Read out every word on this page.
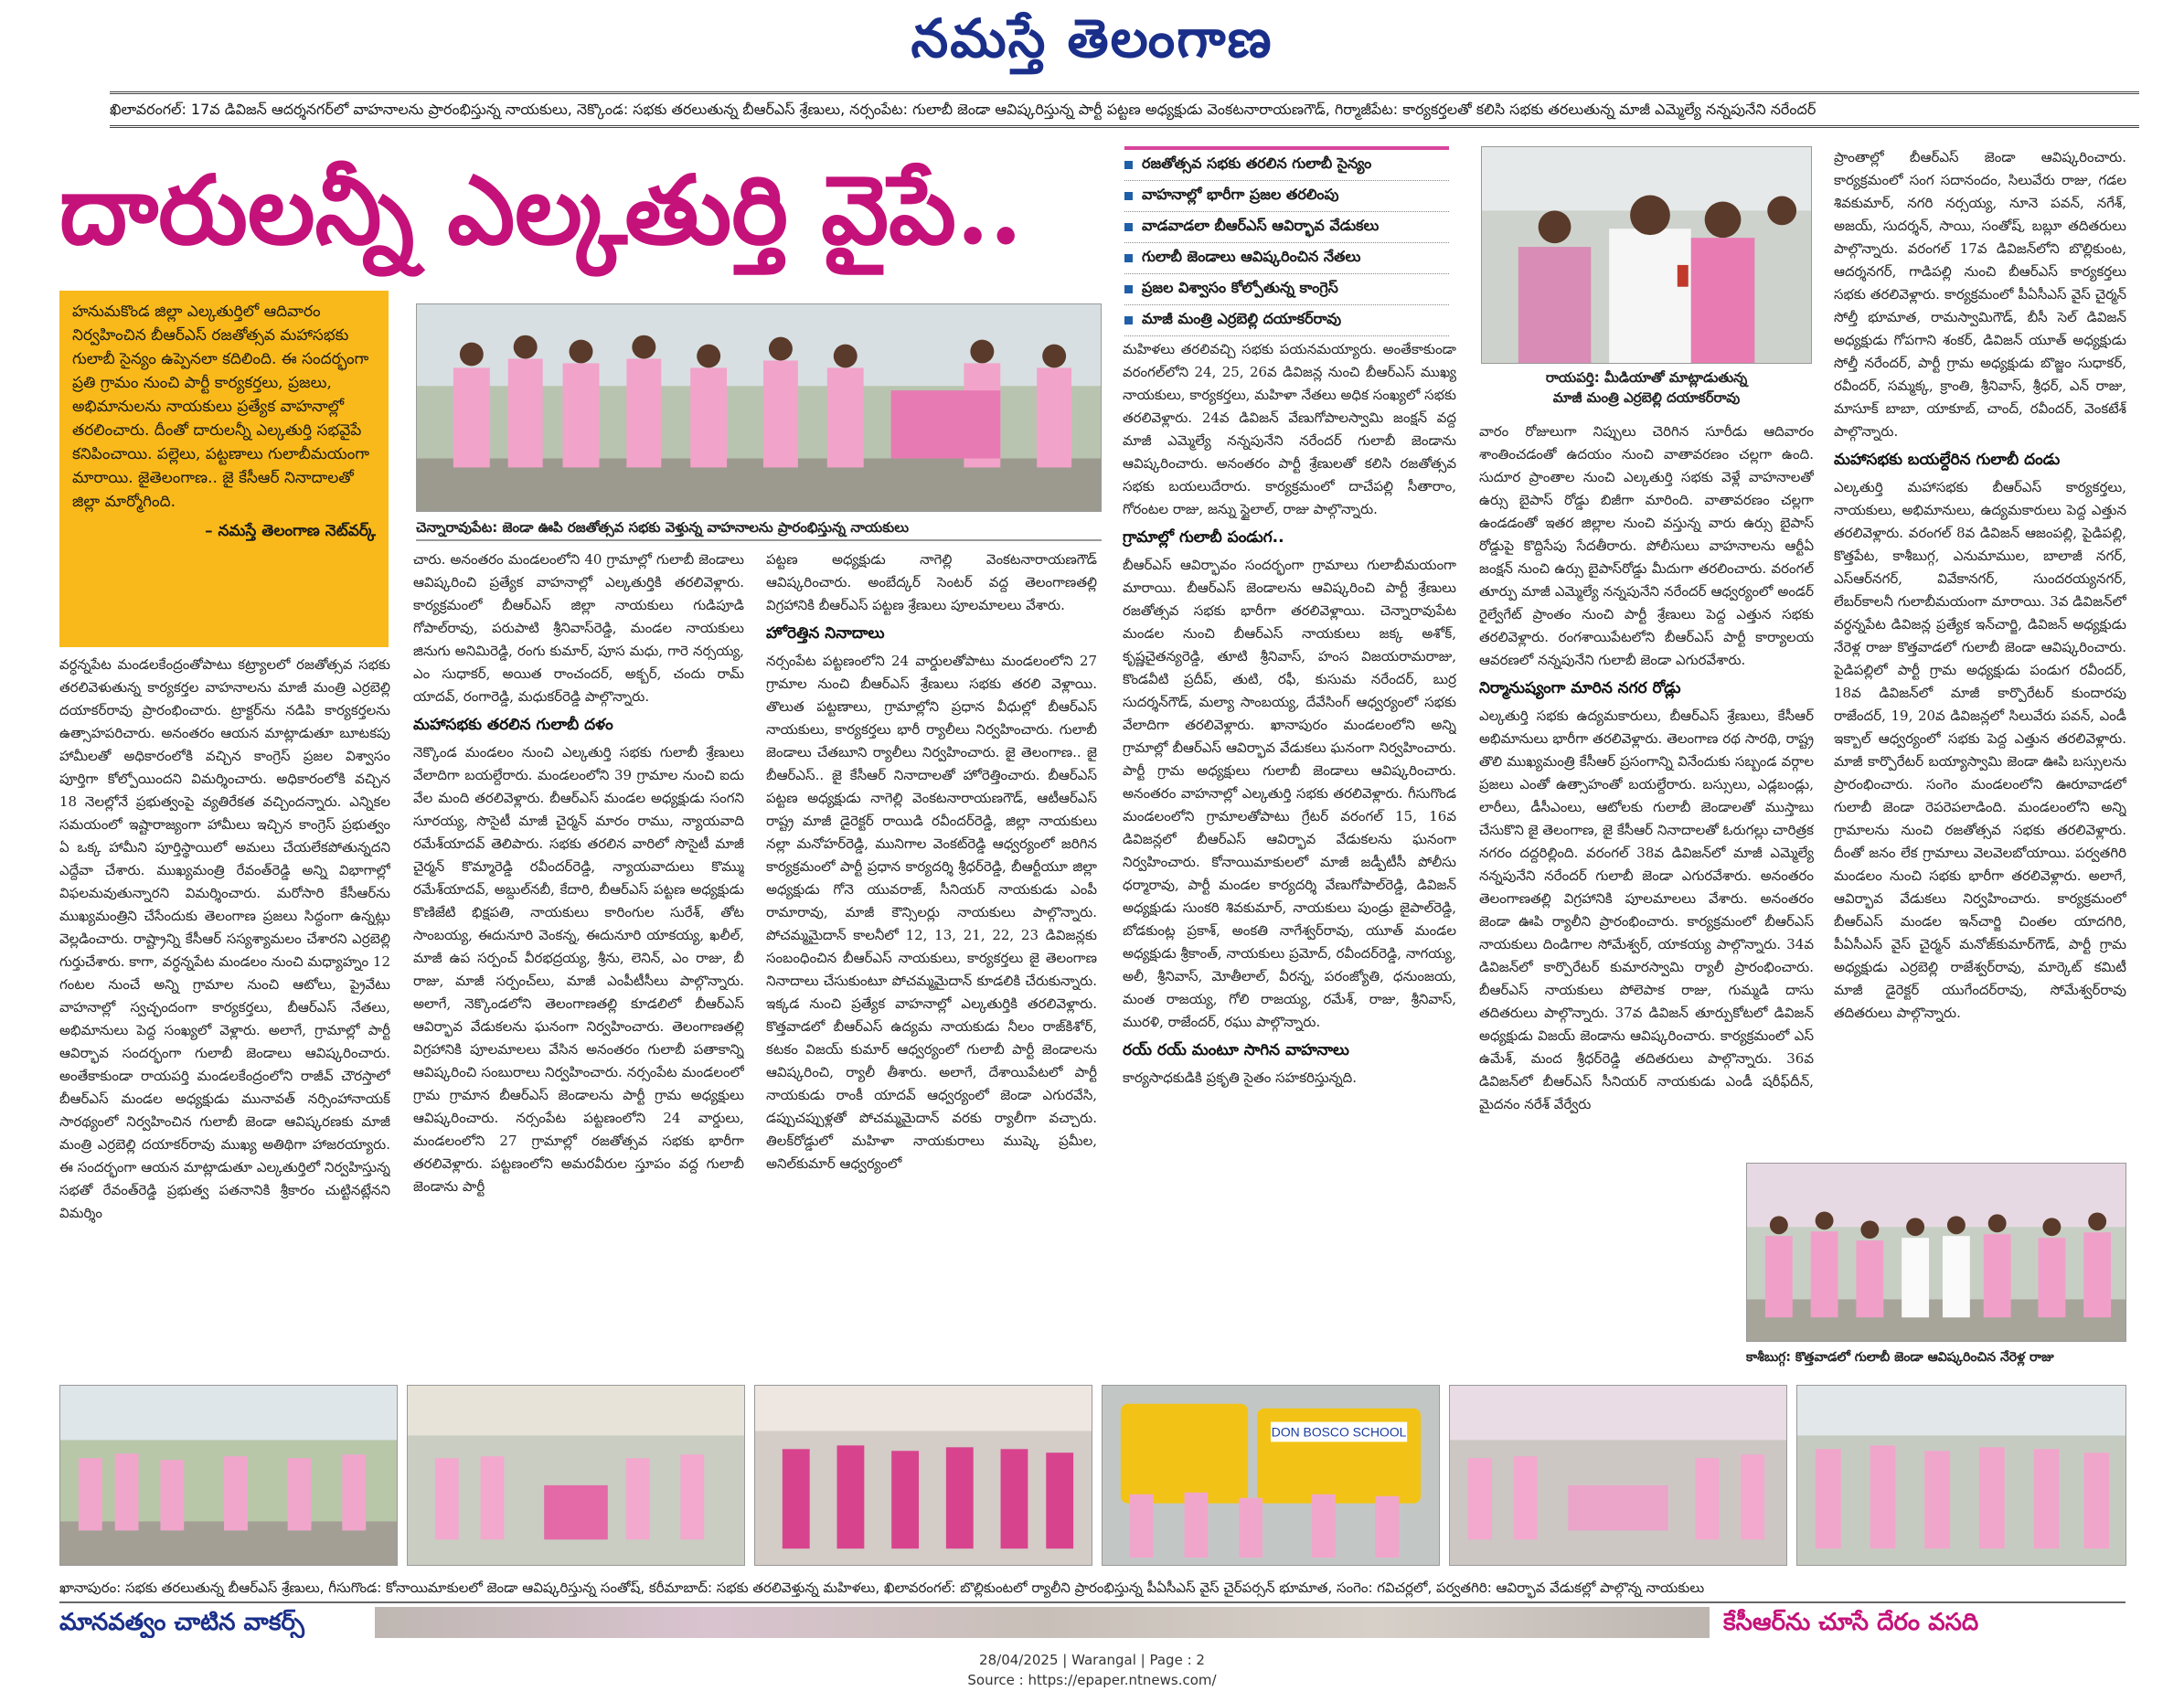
నమస్తే తెలంగాణ
ఖిలావరంగల్‌: 17వ డివిజన్‌ ఆదర్శనగర్‌లో వాహనాలను ప్రారంభిస్తున్న నాయకులు, నెక్కొండ: సభకు తరలుతున్న బీఆర్‌ఎస్‌ శ్రేణులు, నర్సంపేట: గులాబీ జెండా ఆవిష్కరిస్తున్న పార్టీ పట్టణ అధ్యక్షుడు వెంకటనారాయణగౌడ్‌, గిర్మాజీపేట: కార్యకర్తలతో కలిసి సభకు తరలుతున్న మాజీ ఎమ్మెల్యే నన్నపునేని నరేందర్‌
దారులన్నీ ఎల్కతుర్తి వైపే..	రజతోత్సవ సభకు తరలిన గులాబీ సైన్యం
వాహనాల్లో భారీగా ప్రజల తరలింపు
వాడవాడలా బీఆర్‌ఎస్‌ ఆవిర్భావ వేడుకలు
గులాబీ జెండాలు ఆవిష్కరించిన నేతలు
ప్రజల విశ్వాసం కోల్పోతున్న కాంగ్రెస్‌
మాజీ మంత్రి ఎర్రబెల్లి దయాకర్‌రావు
హనుమకొండ జిల్లా ఎల్కతుర్తిలో ఆదివారం నిర్వహించిన బీఆర్‌ఎస్‌ రజతోత్సవ మహాసభకు గులాబీ సైన్యం ఉప్పెనలా కదిలింది. ఈ సందర్భంగా ప్రతి గ్రామం నుంచి పార్టీ కార్యకర్తలు, ప్రజలు, అభిమానులను నాయకులు ప్రత్యేక వాహనాల్లో తరలించారు. దీంతో దారులన్నీ ఎల్కతుర్తి సభవైపే కనిపించాయి. పల్లెలు, పట్టణాలు గులాబీమయంగా మారాయి. జైతెలంగాణ.. జై కేసీఆర్‌ నినాదాలతో జిల్లా మార్మోగింది.
– నమస్తే తెలంగాణ నెట్‌వర్క్‌	చెన్నారావుపేట: జెండా ఊపి రజతోత్సవ సభకు వెళ్తున్న వాహనాలను ప్రారంభిస్తున్న నాయకులు
రాయపర్తి: మీడియాతో మాట్లాడుతున్న
మాజీ మంత్రి ఎర్రబెల్లి దయాకర్‌రావు
కాశీబుగ్గ: కొత్తవాడలో గులాబీ జెండా ఆవిష్కరించిన నేరెళ్ల రాజు
వర్ధన్నపేట మండలకేంద్రంతోపాటు కట్ర్యాలలో రజతోత్సవ సభకు తరలివెళుతున్న కార్యకర్తల వాహనాలను మాజీ మంత్రి ఎర్రబెల్లి దయాకర్‌రావు ప్రారంభించారు. ట్రాక్టర్‌ను నడిపి కార్యకర్తలను ఉత్సాహపరిచారు. అనంతరం ఆయన మాట్లాడుతూ బూటకపు హామీలతో అధికారంలోకి వచ్చిన కాంగ్రెస్‌ ప్రజల విశ్వాసం పూర్తిగా కోల్పోయిందని విమర్శించారు. అధికారంలోకి వచ్చిన 18 నెలల్లోనే ప్రభుత్వంపై వ్యతిరేకత వచ్చిందన్నారు. ఎన్నికల సమయంలో ఇష్టారాజ్యంగా హామీలు ఇచ్చిన కాంగ్రెస్‌ ప్రభుత్వం ఏ ఒక్క హామీని పూర్తిస్థాయిలో అమలు చేయలేకపోతున్నదని ఎద్దేవా చేశారు. ముఖ్యమంత్రి రేవంత్‌రెడ్డి అన్ని విభాగాల్లో విఫలమవుతున్నారని విమర్శించారు. మరోసారి కేసీఆర్‌ను ముఖ్యమంత్రిని చేసేందుకు తెలంగాణ ప్రజలు సిద్ధంగా ఉన్నట్లు వెల్లడించారు. రాష్ట్రాన్ని కేసీఆర్‌ సస్యశ్యామలం చేశారని ఎర్రబెల్లి గుర్తుచేశారు. కాగా, వర్ధన్నపేట మండలం నుంచి మధ్యాహ్నం 12 గంటల నుంచే అన్ని గ్రామాల నుంచి ఆటోలు, ప్రైవేటు వాహనాల్లో స్వచ్ఛందంగా కార్యకర్తలు, బీఆర్‌ఎస్‌ నేతలు, అభిమానులు పెద్ద సంఖ్యలో వెళ్లారు. అలాగే, గ్రామాల్లో పార్టీ ఆవిర్భావ సందర్భంగా గులాబీ జెండాలు ఆవిష్కరించారు. అంతేకాకుండా రాయపర్తి మండలకేంద్రంలోని రాజీవ్‌ చౌరస్తాలో బీఆర్‌ఎస్‌ మండల అధ్యక్షుడు మునావత్‌ నర్సింహానాయక్‌ సారథ్యంలో నిర్వహించిన గులాబీ జెండా ఆవిష్కరణకు మాజీ మంత్రి ఎర్రబెల్లి దయాకర్‌రావు ముఖ్య అతిథిగా హాజరయ్యారు. ఈ సందర్భంగా ఆయన మాట్లాడుతూ ఎల్కతుర్తిలో నిర్వహిస్తున్న సభతో రేవంత్‌రెడ్డి ప్రభుత్వ పతనానికి శ్రీకారం చుట్టినట్లేనని విమర్శిం
చారు. అనంతరం మండలంలోని 40 గ్రామాల్లో గులాబీ జెండాలు ఆవిష్కరించి ప్రత్యేక వాహనాల్లో ఎల్కతుర్తికి తరలివెళ్లారు. కార్యక్రమంలో బీఆర్‌ఎస్‌ జిల్లా నాయకులు గుడిపూడి గోపాల్‌రావు, పరుపాటి శ్రీనివాస్‌రెడ్డి, మండల నాయకులు జినుగు అనిమిరెడ్డి, రంగు కుమార్‌, పూస మధు, గారె నర్సయ్య, ఎం సుధాకర్‌, అయిత రాంచందర్‌, అక్బర్‌, చందు రామ్‌ యాదవ్‌, రంగారెడ్డి, మధుకర్‌రెడ్డి పాల్గొన్నారు.
మహాసభకు తరలిన గులాబీ దళం
నెక్కొండ మండలం నుంచి ఎల్కతుర్తి సభకు గులాబీ శ్రేణులు వేలాదిగా బయల్దేరారు. మండలంలోని 39 గ్రామాల నుంచి ఐదు వేల మంది తరలివెళ్లారు. బీఆర్‌ఎస్‌ మండల అధ్యక్షుడు సంగని సూరయ్య, సొసైటీ మాజీ చైర్మన్‌ మారం రాము, న్యాయవాది రమేశ్‌యాదవ్‌ తెలిపారు. సభకు తరలిన వారిలో సొసైటీ మాజీ చైర్మన్‌ కొమ్మారెడ్డి రవీందర్‌రెడ్డి, న్యాయవాదులు కొమ్ము రమేశ్‌యాదవ్‌, అబ్దుల్‌నబీ, కేదారి, బీఆర్‌ఎస్‌ పట్టణ అధ్యక్షుడు కొణిజేటి భిక్షపతి, నాయకులు కారింగుల సురేశ్‌, తోట సాంబయ్య, ఈదునూరి వెంకన్న, ఈదునూరి యాకయ్య, ఖలీల్‌, మాజీ ఉప సర్పంచ్‌ వీరభద్రయ్య, శ్రీను, లెనిన్‌, ఎం రాజు, బీ రాజు, మాజీ సర్పంచ్‌లు, మాజీ ఎంపీటీసీలు పాల్గొన్నారు. అలాగే, నెక్కొండలోని తెలంగాణతల్లి కూడలిలో బీఆర్‌ఎస్‌ ఆవిర్భావ వేడుకలను ఘనంగా నిర్వహించారు. తెలంగాణతల్లి విగ్రహానికి పూలమాలలు వేసిన అనంతరం గులాబీ పతాకాన్ని ఆవిష్కరించి సంబురాలు నిర్వహించారు. నర్సంపేట మండలంలో గ్రామ గ్రామాన బీఆర్‌ఎస్‌ జెండాలను పార్టీ గ్రామ అధ్యక్షులు ఆవిష్కరించారు. నర్సంపేట పట్టణంలోని 24 వార్డులు, మండలంలోని 27 గ్రామాల్లో రజతోత్సవ సభకు భారీగా తరలివెళ్లారు. పట్టణంలోని అమరవీరుల స్తూపం వద్ద గులాబీ జెండాను పార్టీ
పట్టణ అధ్యక్షుడు నాగెల్లి వెంకటనారాయణగౌడ్‌ ఆవిష్కరించారు. అంబేద్కర్‌ సెంటర్‌ వద్ద తెలంగాణతల్లి విగ్రహానికి బీఆర్‌ఎస్‌ పట్టణ శ్రేణులు పూలమాలలు వేశారు.
హోరెత్తిన నినాదాలు
నర్సంపేట పట్టణంలోని 24 వార్డులతోపాటు మండలంలోని 27 గ్రామాల నుంచి బీఆర్‌ఎస్‌ శ్రేణులు సభకు తరలి వెళ్లాయి. తొలుత పట్టణాలు, గ్రామాల్లోని ప్రధాన వీధుల్లో బీఆర్‌ఎస్‌ నాయకులు, కార్యకర్తలు భారీ ర్యాలీలు నిర్వహించారు. గులాబీ జెండాలు చేతబూని ర్యాలీలు నిర్వహించారు. జై తెలంగాణ.. జై బీఆర్‌ఎస్‌.. జై కేసీఆర్‌ నినాదాలతో హోరెత్తించారు. బీఆర్‌ఎస్‌ పట్టణ అధ్యక్షుడు నాగెల్లి వెంకటనారాయణగౌడ్‌, ఆటీఆర్‌ఎస్‌ రాష్ట్ర మాజీ డైరెక్టర్‌ రాయిడి రవీందర్‌రెడ్డి, జిల్లా నాయకులు నల్లా మనోహర్‌రెడ్డి, మునిగాల వెంకట్‌రెడ్డి ఆధ్వర్యంలో జరిగిన కార్యక్రమంలో పార్టీ ప్రధాన కార్యదర్శి శ్రీధర్‌రెడ్డి, బీఆర్టీయూ జిల్లా అధ్యక్షుడు గోనె యువరాజ్‌, సీనియర్‌ నాయకుడు ఎంపీ రామారావు, మాజీ కౌన్సిలర్లు నాయకులు పాల్గొన్నారు. పోచమ్మమైదాన్‌ కాలనీలో 12, 13, 21, 22, 23 డివిజన్లకు సంబంధించిన బీఆర్‌ఎస్‌ నాయకులు, కార్యకర్తలు జై తెలంగాణ నినాదాలు చేసుకుంటూ పోచమ్మమైదాన్‌ కూడలికి చేరుకున్నారు. ఇక్కడ నుంచి ప్రత్యేక వాహనాల్లో ఎల్కతుర్తికి తరలివెళ్లారు. కొత్తవాడలో బీఆర్‌ఎస్‌ ఉద్యమ నాయకుడు నీలం రాజ్‌కిశోర్‌, కటకం విజయ్‌ కుమార్‌ ఆధ్వర్యంలో గులాబీ పార్టీ జెండాలను ఆవిష్కరించి, ర్యాలీ తీశారు. అలాగే, దేశాయిపేటలో పార్టీ నాయకుడు రాంకీ యాదవ్‌ ఆధ్వర్యంలో జెండా ఎగురవేసి, డప్పుచప్పుళ్లతో పోచమ్మమైదాన్‌ వరకు ర్యాలీగా వచ్చారు. తిలక్‌రోడ్డులో మహిళా నాయకురాలు ముష్కె ప్రమీల, అనిల్‌కుమార్‌ ఆధ్వర్యంలో
మహిళలు తరలివచ్చి సభకు పయనమయ్యారు. అంతేకాకుండా వరంగల్‌లోని 24, 25, 26వ డివిజన్ల నుంచి బీఆర్‌ఎస్‌ ముఖ్య నాయకులు, కార్యకర్తలు, మహిళా నేతలు అధిక సంఖ్యలో సభకు తరలివెళ్లారు. 24వ డివిజన్‌ వేణుగోపాలస్వామి జంక్షన్‌ వద్ద మాజీ ఎమ్మెల్యే నన్నపునేని నరేందర్‌ గులాబీ జెండాను ఆవిష్కరించారు. అనంతరం పార్టీ శ్రేణులతో కలిసి రజతోత్సవ సభకు బయలుదేరారు. కార్యక్రమంలో దాచేపల్లి సీతారాం, గోరంటల రాజు, జన్ను స్టైలాల్‌, రాజు పాల్గొన్నారు.
గ్రామాల్లో గులాబీ పండుగ..
బీఆర్‌ఎస్‌ ఆవిర్భావం సందర్భంగా గ్రామాలు గులాబీమయంగా మారాయి. బీఆర్‌ఎస్‌ జెండాలను ఆవిష్కరించి పార్టీ శ్రేణులు రజతోత్సవ సభకు భారీగా తరలివెళ్లాయి. చెన్నారావుపేట మండల నుంచి బీఆర్‌ఎస్‌ నాయకులు జక్క అశోక్‌, కృష్ణచైతన్యరెడ్డి, తూటి శ్రీనివాస్‌, హంస విజయరామరాజు, కొండవీటి ప్రదీప్‌, తుటి, రఫీ, కుసుమ నరేందర్‌, బుర్ర సుదర్శన్‌గౌడ్‌, మల్యా సాంబయ్య, దేవేసింగ్‌ ఆధ్వర్యంలో సభకు వేలాదిగా తరలివెళ్లారు. ఖానాపురం మండలంలోని అన్ని గ్రామాల్లో బీఆర్‌ఎస్‌ ఆవిర్భావ వేడుకలు ఘనంగా నిర్వహించారు. పార్టీ గ్రామ అధ్యక్షులు గులాబీ జెండాలు ఆవిష్కరించారు. అనంతరం వాహనాల్లో ఎల్కతుర్తి సభకు తరలివెళ్లారు. గీసుగొండ మండలంలోని గ్రామాలతోపాటు గ్రేటర్‌ వరంగల్‌ 15, 16వ డివిజన్లలో బీఆర్‌ఎస్‌ ఆవిర్భావ వేడుకలను ఘనంగా నిర్వహించారు. కోనాయిమాకులలో మాజీ జడ్పీటీసీ పోలీసు ధర్మారావు, పార్టీ మండల కార్యదర్శి వేణుగోపాల్‌రెడ్డి, డివిజన్‌ అధ్యక్షుడు సుంకరి శివకుమార్‌, నాయకులు పుండ్రు జైపాల్‌రెడ్డి, బోడకుంట్ల ప్రకాశ్‌, అంకతి నాగేశ్వర్‌రావు, యూత్‌ మండల అధ్యక్షుడు శ్రీకాంత్‌, నాయకులు ప్రమోద్‌, రవీందర్‌రెడ్డి, నాగయ్య, అలీ, శ్రీనివాస్‌, మోతీలాల్‌, వీరన్న, పరంజ్యోతి, ధనుంజయ, మంత రాజయ్య, గోలి రాజయ్య, రమేశ్‌, రాజు, శ్రీనివాస్‌, మురళి, రాజేందర్‌, రఘు పాల్గొన్నారు.
రయ్‌ రయ్‌ మంటూ సాగిన వాహనాలు
కార్యసాధకుడికి ప్రకృతి సైతం సహకరిస్తున్నది.
వారం రోజులుగా నిప్పులు చెరిగిన సూరీడు ఆదివారం శాంతించడంతో ఉదయం నుంచి వాతావరణం చల్లగా ఉంది. సుదూర ప్రాంతాల నుంచి ఎల్కతుర్తి సభకు వెళ్లే వాహనాలతో ఉర్సు బైపాస్‌ రోడ్డు బిజీగా మారింది. వాతావరణం చల్లగా ఉండడంతో ఇతర జిల్లాల నుంచి వస్తున్న వారు ఉర్సు బైపాస్‌ రోడ్డుపై కొద్దిసేపు సేదతీరారు. పోలీసులు వాహనాలను ఆర్టీఏ జంక్షన్‌ నుంచి ఉర్సు బైపాస్‌రోడ్డు మీదుగా తరలించారు. వరంగల్‌ తూర్పు మాజీ ఎమ్మెల్యే నన్నపునేని నరేందర్‌ ఆధ్వర్యంలో అండర్‌ రైల్వేగేట్‌ ప్రాంతం నుంచి పార్టీ శ్రేణులు పెద్ద ఎత్తున సభకు తరలివెళ్లారు. రంగశాయిపేటలోని బీఆర్‌ఎస్‌ పార్టీ కార్యాలయ ఆవరణలో నన్నపునేని గులాబీ జెండా ఎగురవేశారు.
నిర్మానుష్యంగా మారిన నగర రోడ్లు
ఎల్కతుర్తి సభకు ఉద్యమకారులు, బీఆర్‌ఎస్‌ శ్రేణులు, కేసీఆర్‌ అభిమానులు భారీగా తరలివెళ్లారు. తెలంగాణ రథ సారథి, రాష్ట్ర తొలి ముఖ్యమంత్రి కేసీఆర్‌ ప్రసంగాన్ని వినేందుకు సబ్బండ వర్గాల ప్రజలు ఎంతో ఉత్సాహంతో బయల్దేరారు. బస్సులు, ఎడ్లబండ్లు, లారీలు, డీసీఎంలు, ఆటోలకు గులాబీ జెండాలతో ముస్తాబు చేసుకొని జై తెలంగాణ, జై కేసీఆర్‌ నినాదాలతో ఓరుగల్లు చారిత్రక నగరం దద్దరిల్లింది. వరంగల్‌ 38వ డివిజన్‌లో మాజీ ఎమ్మెల్యే నన్నపునేని నరేందర్‌ గులాబీ జెండా ఎగురవేశారు. అనంతరం తెలంగాణతల్లి విగ్రహానికి పూలమాలలు వేశారు. అనంతరం జెండా ఊపి ర్యాలీని ప్రారంభించారు. కార్యక్రమంలో బీఆర్‌ఎస్‌ నాయకులు దిండిగాల సోమేశ్వర్‌, యాకయ్య పాల్గొన్నారు. 34వ డివిజన్‌లో కార్పొరేటర్‌ కుమారస్వామి ర్యాలీ ప్రారంభించారు. బీఆర్‌ఎస్‌ నాయకులు పోలెపాక రాజు, గుమ్మడి దాసు తదితరులు పాల్గొన్నారు. 37వ డివిజన్‌ తూర్పుకోటలో డివిజన్‌ అధ్యక్షుడు విజయ్‌ జెండాను ఆవిష్కరించారు. కార్యక్రమంలో ఎస్‌ ఉమేశ్‌, మంద శ్రీధర్‌రెడ్డి తదితరులు పాల్గొన్నారు. 36వ డివిజన్‌లో బీఆర్‌ఎస్‌ సీనియర్‌ నాయకుడు ఎండీ షరీఫ్‌దీన్‌, మైదనం నరేశ్‌ వేర్వేరు
ప్రాంతాల్లో బీఆర్‌ఎస్‌ జెండా ఆవిష్కరించారు. కార్యక్రమంలో సంగ సదానందం, సిలువేరు రాజు, గడల శివకుమార్‌, నగరి నర్సయ్య, నూనె పవన్‌, నగేశ్‌, అజయ్‌, సుదర్శన్‌, సాయి, సంతోష్‌, బబ్లూ తదితరులు పాల్గొన్నారు. వరంగల్‌ 17వ డివిజన్‌లోని బొల్లికుంట, ఆదర్శనగర్‌, గాడిపల్లి నుంచి బీఆర్‌ఎస్‌ కార్యకర్తలు సభకు తరలివెళ్లారు. కార్యక్రమంలో పీఏసీఎస్‌ వైస్‌ చైర్మన్‌ సోల్తీ భూమాత, రామస్వామిగౌడ్‌, బీసీ సెల్‌ డివిజన్‌ అధ్యక్షుడు గోపగాని శంకర్‌, డివిజన్‌ యూత్‌ అధ్యక్షుడు సోల్తీ నరేందర్‌, పార్టీ గ్రామ అధ్యక్షుడు బొజ్జం సుధాకర్‌, రవీందర్‌, సమ్మక్క, క్రాంతి, శ్రీనివాస్‌, శ్రీధర్‌, ఎన్‌ రాజు, మాసూక్‌ బాబా, యాకూబ్‌, చాంద్‌, రవీందర్‌, వెంకటేశ్‌ పాల్గొన్నారు.
మహాసభకు బయల్దేరిన గులాబీ దండు
ఎల్కతుర్తి మహాసభకు బీఆర్‌ఎస్‌ కార్యకర్తలు, నాయకులు, అభిమానులు, ఉద్యమకారులు పెద్ద ఎత్తున తరలివెళ్లారు. వరంగల్‌ 8వ డివిజన్‌ ఆజంపల్లి, పైడిపల్లి, కొత్తపేట, కాశీబుగ్గ, ఎనుమాముల, బాలాజీ నగర్‌, ఎస్‌ఆర్‌నగర్‌, వివేకానగర్‌, సుందరయ్యనగర్‌, లేబర్‌కాలనీ గులాబీమయంగా మారాయి. 3వ డివిజన్‌లో వర్ధన్నపేట డివిజన్ల ప్రత్యేక ఇన్‌చార్జి, డివిజన్‌ అధ్యక్షుడు నేరెళ్ల రాజు కొత్తవాడలో గులాబీ జెండా ఆవిష్కరించారు. పైడిపల్లిలో పార్టీ గ్రామ అధ్యక్షుడు పండుగ రవీందర్‌, 18వ డివిజన్‌లో మాజీ కార్పొరేటర్‌ కుందారపు రాజేందర్‌, 19, 20వ డివిజన్లలో సిలువేరు పవన్‌, ఎండీ ఇక్బాల్‌ ఆధ్వర్యంలో సభకు పెద్ద ఎత్తున తరలివెళ్లారు. మాజీ కార్పొరేటర్‌ బయ్యాస్వామి జెండా ఊపి బస్సులను ప్రారంభించారు. సంగెం మండలంలోని ఊరూవాడలో గులాబీ జెండా రెపరెపలాడింది. మండలంలోని అన్ని గ్రామాలను నుంచి రజతోత్సవ సభకు తరలివెళ్లారు. దీంతో జనం లేక గ్రామాలు వెలవెలబోయాయి. పర్వతగిరి మండలం నుంచి సభకు భారీగా తరలివెళ్లారు. అలాగే, ఆవిర్భావ వేడుకలు నిర్వహించారు. కార్యక్రమంలో బీఆర్‌ఎస్‌ మండల ఇన్‌చార్జి చింతల యాదగిరి, పీఏసీఎస్‌ వైస్‌ చైర్మన్‌ మనోజ్‌కుమార్‌గౌడ్‌, పార్టీ గ్రామ అధ్యక్షుడు ఎర్రబెల్లి రాజేశ్వర్‌రావు, మార్కెట్‌ కమిటీ మాజీ డైరెక్టర్‌ యుగేందర్‌రావు, సోమేశ్వర్‌రావు తదితరులు పాల్గొన్నారు.
DON BOSCO SCHOOL
ఖానాపురం: సభకు తరలుతున్న బీఆర్‌ఎస్‌ శ్రేణులు, గీసుగొండ: కోనాయిమాకులలో జెండా ఆవిష్కరిస్తున్న సంతోష్‌, కరీమాబాద్‌: సభకు తరలివెళ్తున్న మహిళలు, ఖిలావరంగల్‌: బొల్లికుంటలో ర్యాలీని ప్రారంభిస్తున్న పీఏసీఎస్‌ వైస్‌ చైర్‌పర్సన్‌ భూమాత, సంగెం: గవిచర్లలో, పర్వతగిరి: ఆవిర్భావ వేడుకల్లో పాల్గొన్న నాయకులు
మానవత్వం చాటిన వాకర్స్‌	కేసీఆర్‌ను చూసే దేరం వసది
28/04/2025 | Warangal | Page : 2
Source : https://epaper.ntnews.com/
